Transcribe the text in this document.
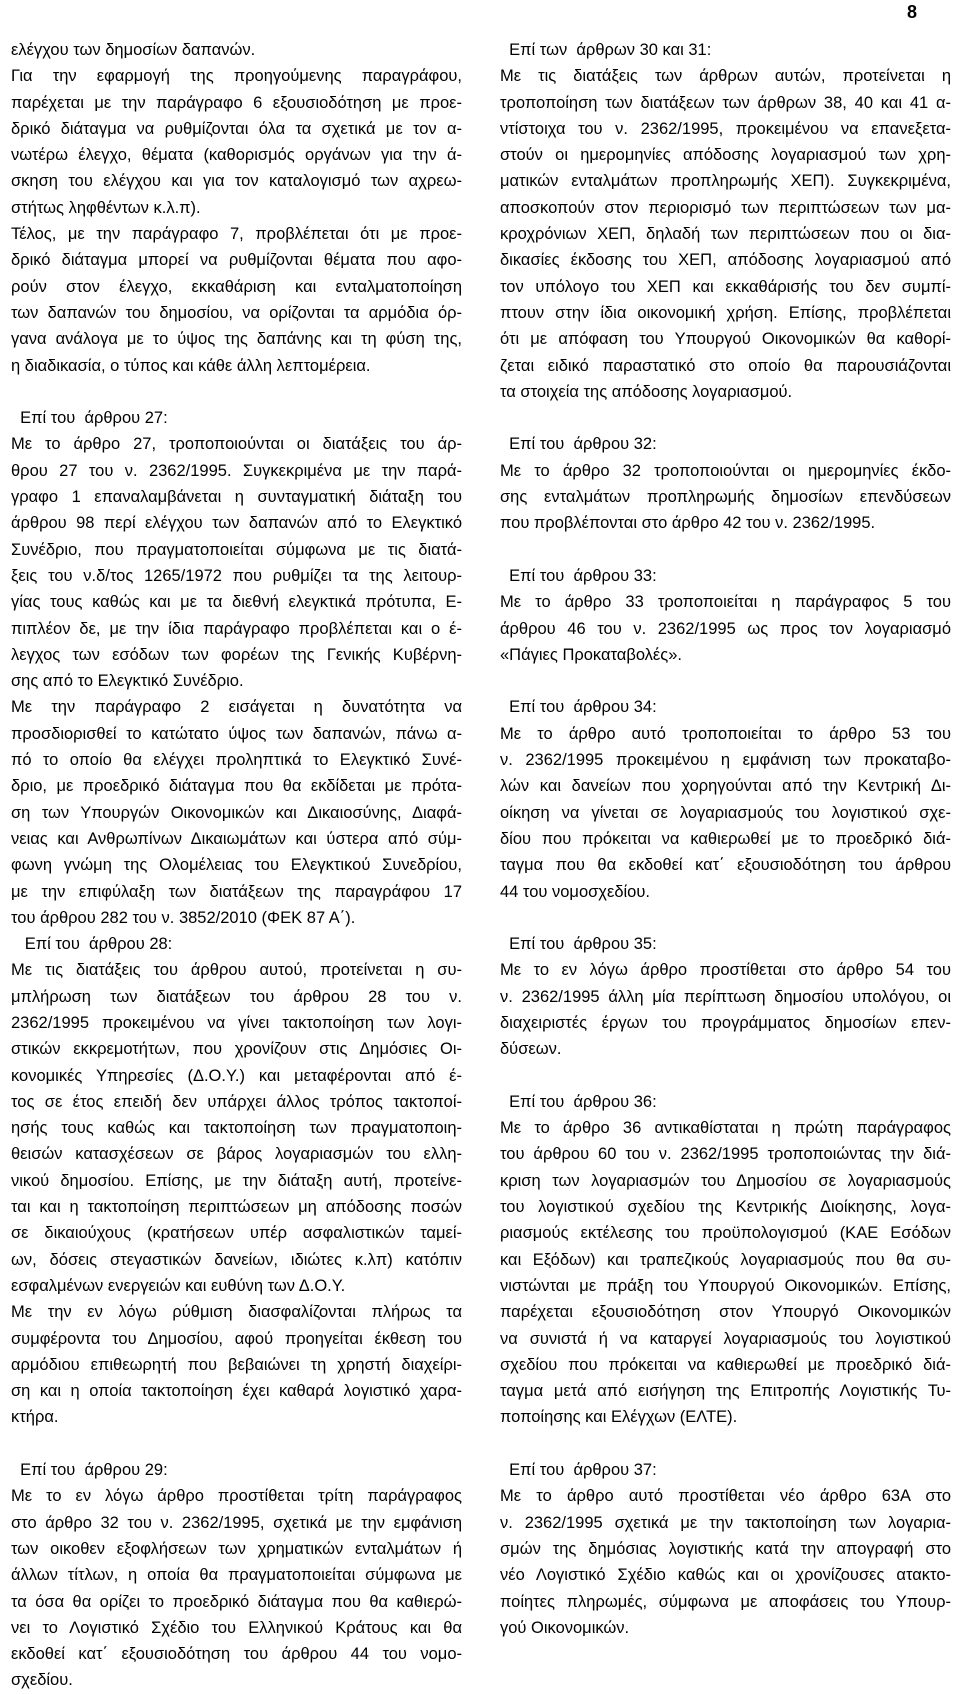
8
ελέγχου των δημοσίων δαπανών.
Για την εφαρμογή της προηγούμενης παραγράφου,
παρέχεται με την παράγραφο 6 εξουσιοδότηση με προε-
δρικό διάταγμα να ρυθμίζονται όλα τα σχετικά με τον α-
νωτέρω έλεγχο, θέματα (καθορισμός οργάνων για την ά-
σκηση του ελέγχου και για τον καταλογισμό των αχρεω-
στήτως ληφθέντων κ.λ.π).
Τέλος, με την παράγραφο 7, προβλέπεται ότι με προε-
δρικό διάταγμα μπορεί να ρυθμίζονται θέματα που αφο-
ρούν στον έλεγχο, εκκαθάριση και ενταλματοποίηση
των δαπανών του δημοσίου, να ορίζονται τα αρμόδια όρ-
γανα ανάλογα με το ύψος της δαπάνης και τη φύση της,
η διαδικασία, ο τύπος και κάθε άλλη λεπτομέρεια.
Επί του  άρθρου 27:
Με το άρθρο 27, τροποποιούνται οι διατάξεις του άρ-
θρου 27 του ν. 2362/1995. Συγκεκριμένα με την παρά-
γραφο 1 επαναλαμβάνεται η συνταγματική διάταξη του
άρθρου 98 περί ελέγχου των δαπανών από το Ελεγκτικό
Συνέδριο, που πραγματοποιείται σύμφωνα με τις διατά-
ξεις του ν.δ/τος 1265/1972 που ρυθμίζει τα της λειτουρ-
γίας τους καθώς και με τα διεθνή ελεγκτικά πρότυπα, Ε-
πιπλέον δε, με την ίδια παράγραφο προβλέπεται και ο έ-
λεγχος των εσόδων των φορέων της Γενικής Κυβέρνη-
σης από το Ελεγκτικό Συνέδριο.
Με την παράγραφο 2 εισάγεται η δυνατότητα να
προσδιορισθεί το κατώτατο ύψος των δαπανών, πάνω α-
πό το οποίο θα ελέγχει προληπτικά το Ελεγκτικό Συνέ-
δριο, με προεδρικό διάταγμα που θα εκδίδεται με πρότα-
ση των Υπουργών Οικονομικών και Δικαιοσύνης, Διαφά-
νειας και Ανθρωπίνων Δικαιωμάτων και ύστερα από σύμ-
φωνη γνώμη της Ολομέλειας του Ελεγκτικού Συνεδρίου,
με την επιφύλαξη των διατάξεων της παραγράφου 17
του άρθρου 282 του ν. 3852/2010 (ΦΕΚ 87 Α΄).
Επί του  άρθρου 28:
Με τις διατάξεις του άρθρου αυτού, προτείνεται η συ-
μπλήρωση των διατάξεων του άρθρου 28 του ν.
2362/1995 προκειμένου να γίνει τακτοποίηση των λογι-
στικών εκκρεμοτήτων, που χρονίζουν στις Δημόσιες Οι-
κονομικές Υπηρεσίες (Δ.Ο.Υ.) και μεταφέρονται από έ-
τος σε έτος επειδή δεν υπάρχει άλλος τρόπος τακτοποί-
ησής τους καθώς και τακτοποίηση των πραγματοποιη-
θεισών κατασχέσεων σε βάρος λογαριασμών του ελλη-
νικού δημοσίου. Επίσης, με την διάταξη αυτή, προτείνε-
ται και η τακτοποίηση περιπτώσεων μη απόδοσης ποσών
σε δικαιούχους (κρατήσεων υπέρ ασφαλιστικών ταμεί-
ων, δόσεις στεγαστικών δανείων, ιδιώτες κ.λπ) κατόπιν
εσφαλμένων ενεργειών και ευθύνη των Δ.Ο.Υ.
Με την εν λόγω ρύθμιση διασφαλίζονται πλήρως τα
συμφέροντα του Δημοσίου, αφού προηγείται έκθεση του
αρμόδιου επιθεωρητή που βεβαιώνει τη χρηστή διαχείρι-
ση και η οποία τακτοποίηση έχει καθαρά λογιστικό χαρα-
κτήρα.
Επί του  άρθρου 29:
Με το εν λόγω άρθρο προστίθεται τρίτη παράγραφος
στο άρθρο 32 του ν. 2362/1995, σχετικά με την εμφάνιση
των οικοθεν εξοφλήσεων των χρηματικών ενταλμάτων ή
άλλων τίτλων, η οποία θα πραγματοποιείται σύμφωνα με
τα όσα θα ορίζει το προεδρικό διάταγμα που θα καθιερώ-
νει το Λογιστικό Σχέδιο του Ελληνικού Κράτους και θα
εκδοθεί κατ΄ εξουσιοδότηση του άρθρου 44 του νομο-
σχεδίου.
Επί των  άρθρων 30 και 31:
Με τις διατάξεις των άρθρων αυτών, προτείνεται η
τροποποίηση των διατάξεων των άρθρων 38, 40 και 41 α-
ντίστοιχα του ν. 2362/1995, προκειμένου να επανεξετα-
στούν οι ημερομηνίες απόδοσης λογαριασμού των χρη-
ματικών ενταλμάτων προπληρωμής ΧΕΠ). Συγκεκριμένα,
αποσκοπούν στον περιορισμό των περιπτώσεων των μα-
κροχρόνιων ΧΕΠ, δηλαδή των περιπτώσεων που οι δια-
δικασίες έκδοσης του ΧΕΠ, απόδοσης λογαριασμού από
τον υπόλογο του ΧΕΠ και εκκαθάρισής του δεν συμπί-
πτουν στην ίδια οικονομική χρήση. Επίσης, προβλέπεται
ότι με απόφαση του Υπουργού Οικονομικών θα καθορί-
ζεται ειδικό παραστατικό στο οποίο θα παρουσιάζονται
τα στοιχεία της απόδοσης λογαριασμού.
Επί του  άρθρου 32:
Με το άρθρο 32 τροποποιούνται οι ημερομηνίες έκδο-
σης ενταλμάτων προπληρωμής δημοσίων επενδύσεων
που προβλέπονται στο άρθρο 42 του ν. 2362/1995.
Επί του  άρθρου 33:
Με το άρθρο 33 τροποποιείται η παράγραφος 5 του
άρθρου 46 του ν. 2362/1995 ως προς τον λογαριασμό
«Πάγιες Προκαταβολές».
Επί του  άρθρου 34:
Με το άρθρο αυτό τροποποιείται το άρθρο 53 του
ν. 2362/1995 προκειμένου η εμφάνιση των προκαταβο-
λών και δανείων που χορηγούνται από την Κεντρική Δι-
οίκηση να γίνεται σε λογαριασμούς του λογιστικού σχε-
δίου που πρόκειται να καθιερωθεί με το προεδρικό διά-
ταγμα που θα εκδοθεί κατ΄ εξουσιοδότηση του άρθρου
44 του νομοσχεδίου.
Επί του  άρθρου 35:
Με το εν λόγω άρθρο προστίθεται στο άρθρο 54 του
ν. 2362/1995 άλλη μία περίπτωση δημοσίου υπολόγου, οι
διαχειριστές έργων του προγράμματος δημοσίων επεν-
δύσεων.
Επί του  άρθρου 36:
Με το άρθρο 36 αντικαθίσταται η πρώτη παράγραφος
του άρθρου 60 του ν. 2362/1995 τροποποιώντας την διά-
κριση των λογαριασμών του Δημοσίου σε λογαριασμούς
του λογιστικού σχεδίου της Κεντρικής Διοίκησης, λογα-
ριασμούς εκτέλεσης του προϋπολογισμού (ΚΑΕ Εσόδων
και Εξόδων) και τραπεζικούς λογαριασμούς που θα συ-
νιστώνται με πράξη του Υπουργού Οικονομικών. Επίσης,
παρέχεται εξουσιοδότηση στον Υπουργό Οικονομικών
να συνιστά ή να καταργεί λογαριασμούς του λογιστικού
σχεδίου που πρόκειται να καθιερωθεί με προεδρικό διά-
ταγμα μετά από εισήγηση της Επιτροπής Λογιστικής Τυ-
ποποίησης και Ελέγχων (ΕΛΤΕ).
Επί του  άρθρου 37:
Με το άρθρο αυτό προστίθεται νέο άρθρο 63Α στο
ν. 2362/1995 σχετικά με την τακτοποίηση των λογαρια-
σμών της δημόσιας λογιστικής κατά την απογραφή στο
νέο Λογιστικό Σχέδιο καθώς και οι χρονίζουσες ατακτο-
ποίητες πληρωμές, σύμφωνα με αποφάσεις του Υπουρ-
γού Οικονομικών.
